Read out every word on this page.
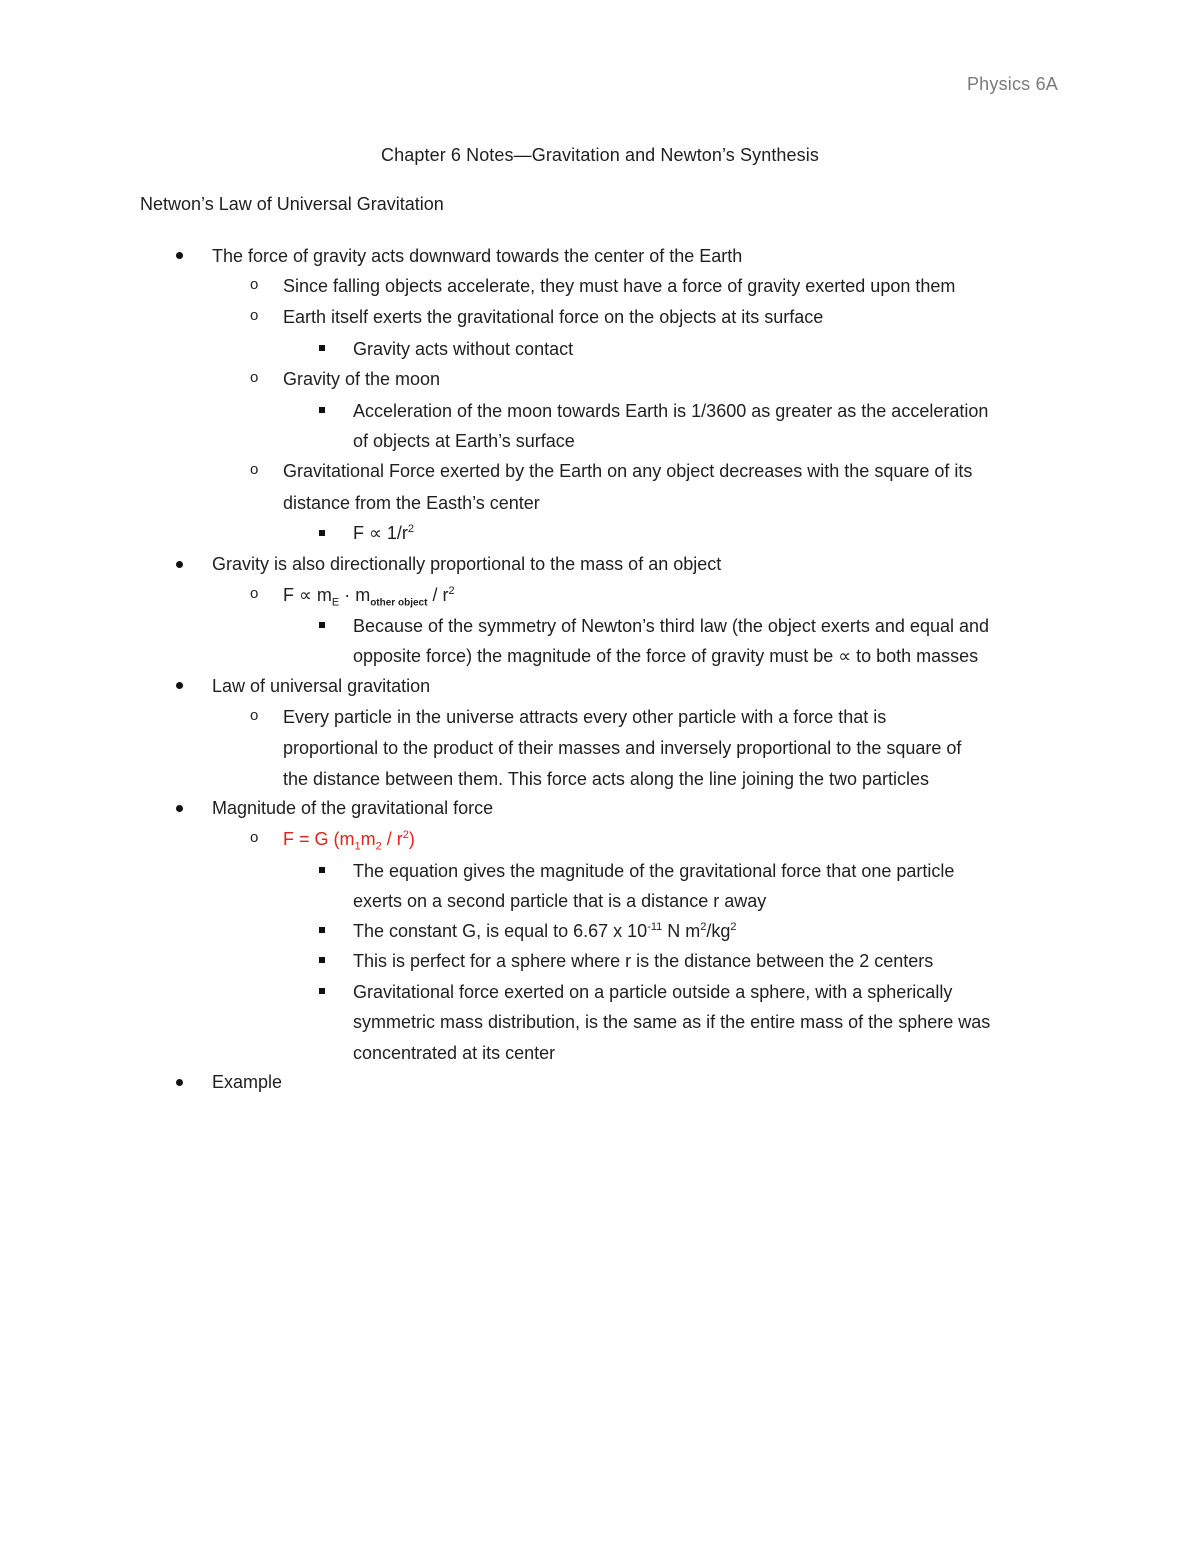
Physics 6A
Chapter 6 Notes—Gravitation and Newton’s Synthesis
Netwon’s Law of Universal Gravitation
The force of gravity acts downward towards the center of the Earth
o Since falling objects accelerate, they must have a force of gravity exerted upon them
o Earth itself exerts the gravitational force on the objects at its surface
Gravity acts without contact
o Gravity of the moon
Acceleration of the moon towards Earth is 1/3600 as greater as the acceleration
of objects at Earth’s surface
o Gravitational Force exerted by the Earth on any object decreases with the square of its
distance from the Easth’s center
$F \propto 1/r^2$
Gravity is also directionally proportional to the mass of an object
o $F \propto m_E \cdot m_{other object} / r^2$
Because of the symmetry of Newton’s third law (the object exerts and equal and
opposite force) the magnitude of the force of gravity must be ∝ to both masses
Law of universal gravitation
o Every particle in the universe attracts every other particle with a force that is
proportional to the product of their masses and inversely proportional to the square of
the distance between them. This force acts along the line joining the two particles
Magnitude of the gravitational force
o F = G $(m_1m_2 / r^2)$
The equation gives the magnitude of the gravitational force that one particle
exerts on a second particle that is a distance r away
The constant G, is equal to 6.67 x $10^{-11}$ N $m^2/kg^2$
This is perfect for a sphere where r is the distance between the 2 centers
Gravitational force exerted on a particle outside a sphere, with a spherically
symmetric mass distribution, is the same as if the entire mass of the sphere was
concentrated at its center
Example
